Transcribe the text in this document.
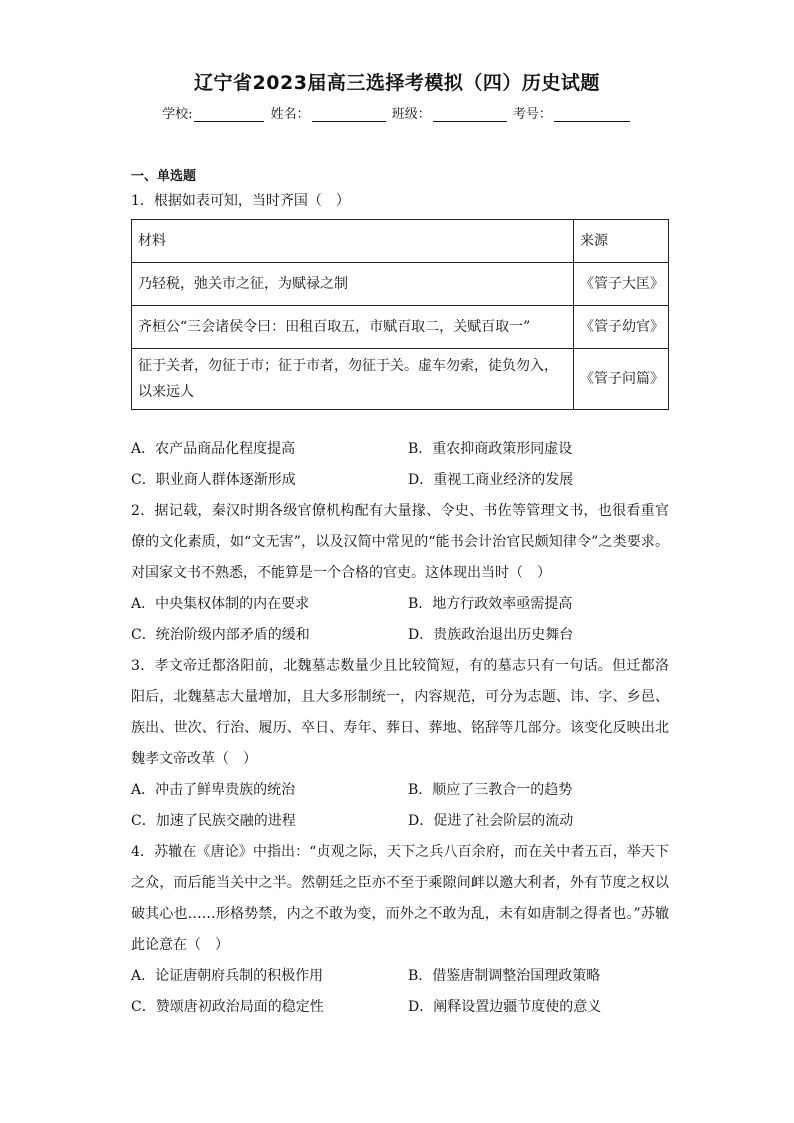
辽宁省2023届高三选择考模拟（四）历史试题
学校:	姓名：	班级：	考号：
一、单选题

1．根据如表可知，当时齐国（　）

材料	来源
乃轻税，弛关市之征，为赋禄之制	《管子大匡》
齐桓公“三会诸侯令曰：田租百取五，市赋百取二，关赋百取一”	《管子幼官》
征于关者，勿征于市；征于市者，勿征于关。虚车勿索，徒负勿入，以来远人	《管子问篇》
A．农产品商品化程度提高	B．重农抑商政策形同虚设
C．职业商人群体逐渐形成	D．重视工商业经济的发展

2．据记载，秦汉时期各级官僚机构配有大量掾、令史、书佐等管理文书，也很看重官僚的文化素质，如“文无害”，以及汉简中常见的“能书会计治官民颇知律令”之类要求。对国家文书不熟悉，不能算是一个合格的官吏。这体现出当时（　）

A．中央集权体制的内在要求	B．地方行政效率亟需提高
C．统治阶级内部矛盾的缓和	D．贵族政治退出历史舞台

3．孝文帝迁都洛阳前，北魏墓志数量少且比较简短，有的墓志只有一句话。但迁都洛阳后，北魏墓志大量增加，且大多形制统一，内容规范，可分为志题、讳、字、乡邑、族出、世次、行治、履历、卒日、寿年、葬日、葬地、铭辞等几部分。该变化反映出北魏孝文帝改革（　）

A．冲击了鲜卑贵族的统治	B．顺应了三教合一的趋势
C．加速了民族交融的进程	D．促进了社会阶层的流动

4．苏辙在《唐论》中指出：“贞观之际，天下之兵八百余府，而在关中者五百，举天下之众，而后能当关中之半。然朝廷之臣亦不至于乘隙间衅以邀大利者，外有节度之权以破其心也……形格势禁，内之不敢为变，而外之不敢为乱，未有如唐制之得者也。”苏辙此论意在（　）

A．论证唐朝府兵制的积极作用	B．借鉴唐制调整治国理政策略
C．赞颂唐初政治局面的稳定性	D．阐释设置边疆节度使的意义
